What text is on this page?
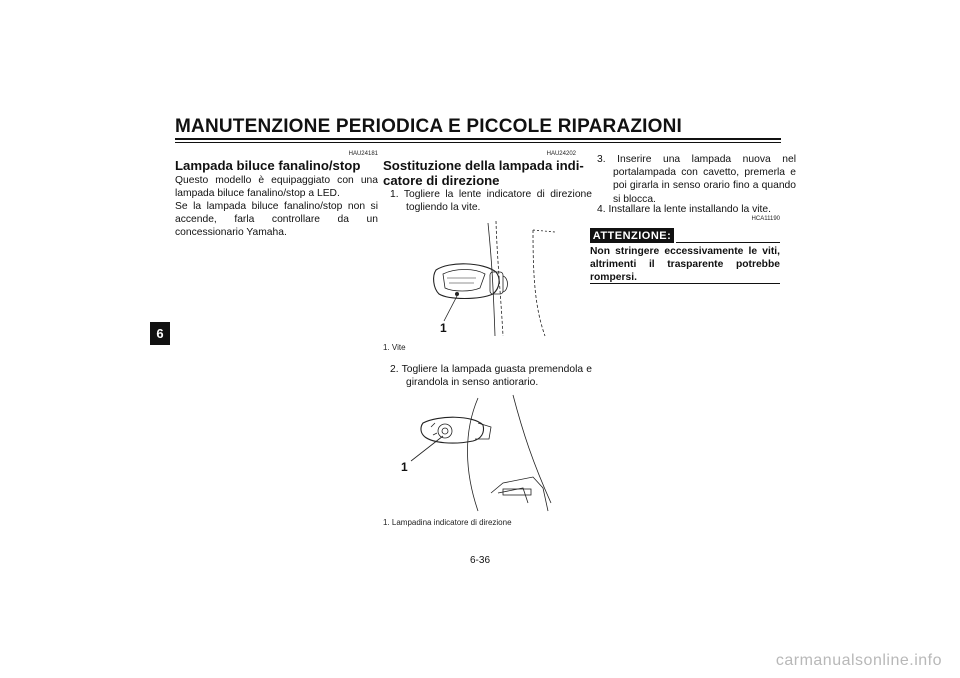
MANUTENZIONE PERIODICA E PICCOLE RIPARAZIONI
6
HAU24181
Lampada biluce fanalino/stop
Questo modello è equipaggiato con una lampada biluce fanalino/stop a LED.
Se la lampada biluce fanalino/stop non si accende, farla controllare da un concessionario Yamaha.
HAU24202
Sostituzione della lampada indi-
catore di direzione
1. Togliere la lente indicatore di direzione togliendo la vite.
1
1. Vite
2. Togliere la lampada guasta premendola e girandola in senso antiorario.
1
1. Lampadina indicatore di direzione
3. Inserire una lampada nuova nel portalampada con cavetto, premerla e poi girarla in senso orario fino a quando si blocca.
4. Installare la lente installando la vite.
HCA11190
ATTENZIONE:
Non stringere eccessivamente le viti, altrimenti il trasparente potrebbe rompersi.
6-36
carmanualsonline.info
